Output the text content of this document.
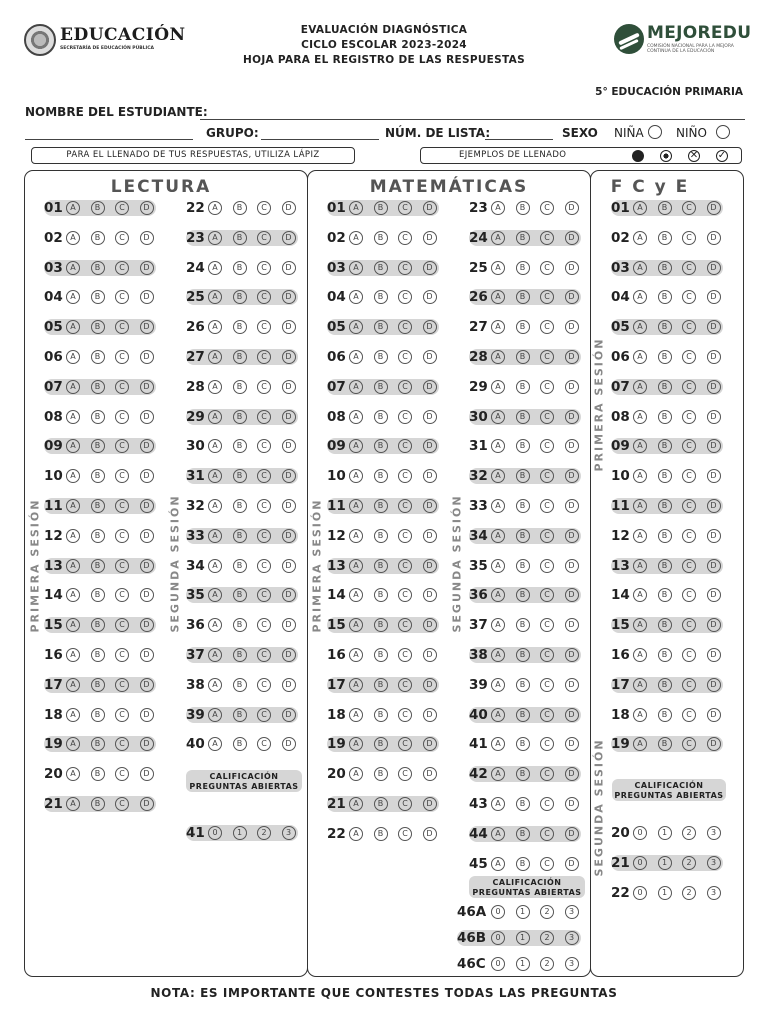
EDUCACIÓN
SECRETARÍA DE EDUCACIÓN PÚBLICA
EVALUACIÓN DIAGNÓSTICA
CICLO ESCOLAR 2023-2024
HOJA PARA EL REGISTRO DE LAS RESPUESTAS
MEJOREDU
COMISIÓN NACIONAL PARA LA MEJORA CONTINUA DE LA EDUCACIÓN
5° EDUCACIÓN PRIMARIA
NOMBRE DEL ESTUDIANTE:
GRUPO:	NÚM. DE LISTA:	SEXO NIÑA	NIÑO
PARA EL LLENADO DE TUS RESPUESTAS, UTILIZA LÁPIZ	EJEMPLOS DE LLENADO	✕ ✓
LECTURA	MATEMÁTICAS	F C y E
PRIMERA SESIÓN	SEGUNDA SESIÓN	PRIMERA SESIÓN	SEGUNDA SESIÓN
PRIMERA SESIÓN
SEGUNDA SESIÓN
CALIFICACIÓN PREGUNTAS ABIERTAS
CALIFICACIÓN PREGUNTAS ABIERTAS
CALIFICACIÓN PREGUNTAS ABIERTAS
01 A	B	C	D
02 A	B	C	D
03 A	B	C	D
04 A	B	C	D
05 A	B	C	D
06 A	B	C	D
07 A	B	C	D
08 A	B	C	D
09 A	B	C	D
10 A	B	C	D
11 A	B	C	D
12 A	B	C	D
13 A	B	C	D
14 A	B	C	D
15 A	B	C	D
16 A	B	C	D
17 A	B	C	D
18 A	B	C	D
19 A	B	C	D
20 A	B	C	D
21 A	B	C	D
22 A	B	C	D
23 A	B	C	D
24 A	B	C	D
25 A	B	C	D
26 A	B	C	D
27 A	B	C	D
28 A	B	C	D
29 A	B	C	D
30 A	B	C	D
31 A	B	C	D
32 A	B	C	D
33 A	B	C	D
34 A	B	C	D
35 A	B	C	D
36 A	B	C	D
37 A	B	C	D
38 A	B	C	D
39 A	B	C	D
40 A	B	C	D
41 0	1	2	3
01 A	B	C	D
02 A	B	C	D
03 A	B	C	D
04 A	B	C	D
05 A	B	C	D
06 A	B	C	D
07 A	B	C	D
08 A	B	C	D
09 A	B	C	D
10 A	B	C	D
11 A	B	C	D
12 A	B	C	D
13 A	B	C	D
14 A	B	C	D
15 A	B	C	D
16 A	B	C	D
17 A	B	C	D
18 A	B	C	D
19 A	B	C	D
20 A	B	C	D
21 A	B	C	D
22 A	B	C	D
23 A	B	C	D
24 A	B	C	D
25 A	B	C	D
26 A	B	C	D
27 A	B	C	D
28 A	B	C	D
29 A	B	C	D
30 A	B	C	D
31 A	B	C	D
32 A	B	C	D
33 A	B	C	D
34 A	B	C	D
35 A	B	C	D
36 A	B	C	D
37 A	B	C	D
38 A	B	C	D
39 A	B	C	D
40 A	B	C	D
41 A	B	C	D
42 A	B	C	D
43 A	B	C	D
44 A	B	C	D
45 A	B	C	D
46A	0	1	2	3
46B	0	1	2	3
46C	0	1	2	3
01 A	B	C	D
02 A	B	C	D
03 A	B	C	D
04 A	B	C	D
05 A	B	C	D
06 A	B	C	D
07 A	B	C	D
08 A	B	C	D
09 A	B	C	D
10 A	B	C	D
11 A	B	C	D
12 A	B	C	D
13 A	B	C	D
14 A	B	C	D
15 A	B	C	D
16 A	B	C	D
17 A	B	C	D
18 A	B	C	D
19 A	B	C	D
20 0	1	2	3
21 0	1	2	3
22 0	1	2	3
NOTA: ES IMPORTANTE QUE CONTESTES TODAS LAS PREGUNTAS
